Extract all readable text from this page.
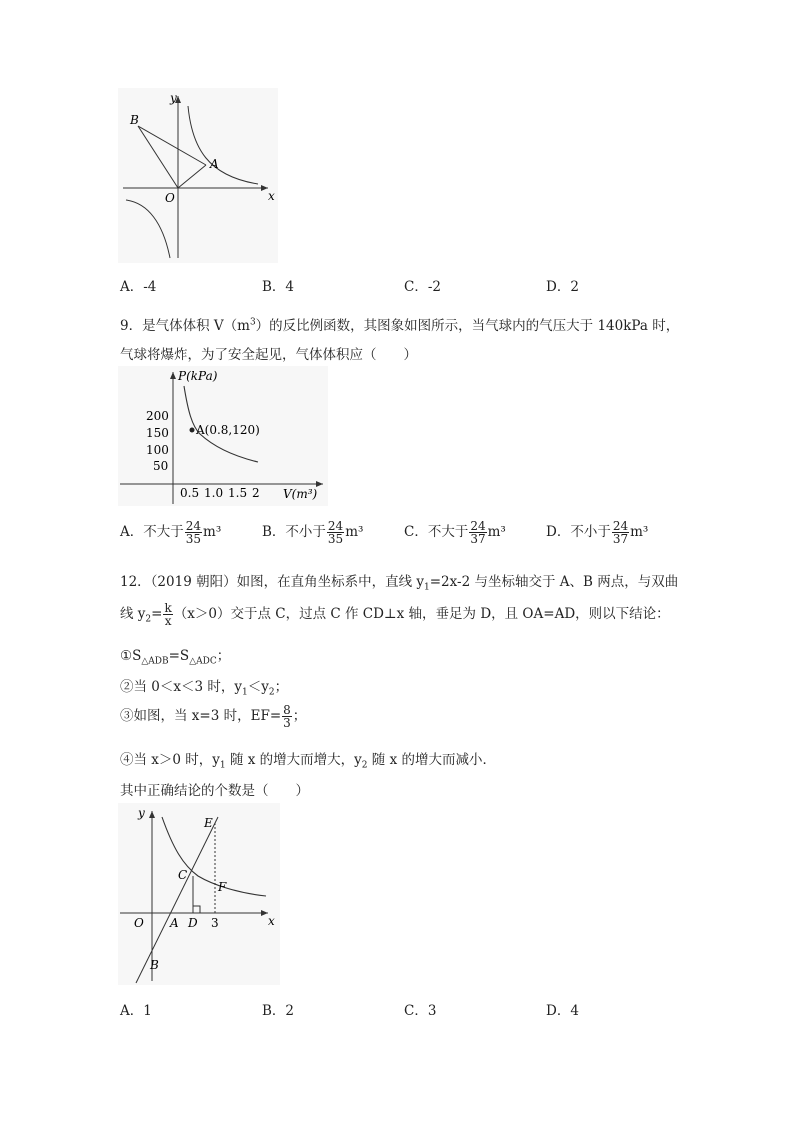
y
x
O
A
B
A．-4	B．4	C．-2	D．2
9．是气体体积 $V(m^3)$的反比例函数，其图象如图所示，当气球内的气压大于 140kPa 时，
气球将爆炸，为了安全起见，气体体积应（　　）
P(kPa)
V(m³)
200
150
100
50
0.5 1.0 1.5 2
A(0.8,120)
A．不大于 $\frac{24}{35} m^3$	B．不小于 $\frac{24}{35} m^3$	C．不大于 $\frac{24}{37} m^3$	D．不小于 $\frac{24}{37} m^3$
12．（2019 朝阳）如图，在直角坐标系中，直线 $y_1=2x-2$ 与坐标轴交于 A、B 两点，与双曲
线 $y_2= \frac{k}{x} (x>0)$交于点 C，过点 C 作 CD⊥x 轴，垂足为 D，且 OA=AD，则以下结论：
$①S_{\triangle ADB}=S_{\triangle ADC}$；
②当 0＜x＜3 时，$y_1<y_2$；
③如图，当 x=3 时，$EF= \frac{8}{3}$ ；
④当 x＞0 时，$y_1$ 随 x 的增大而增大，$y_2$ 随 x 的增大而减小．
其中正确结论的个数是（　　）
y
x
O A D 3
B
C
E
F
A．1	B．2	C．3	D．4
